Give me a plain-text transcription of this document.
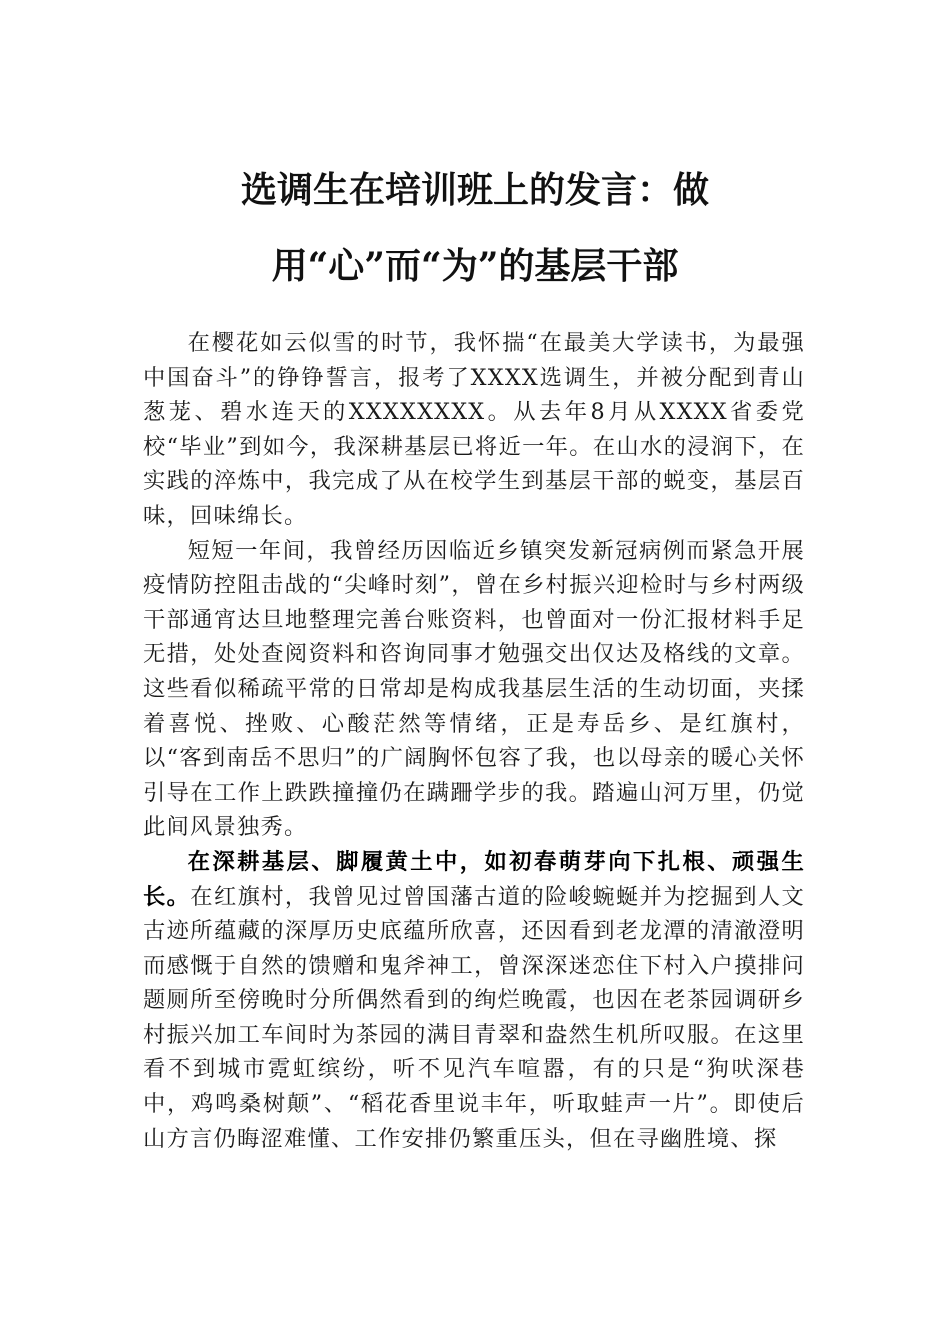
选调生在培训班上的发言：做用“心”而“为”的基层干部

在樱花如云似雪的时节，我怀揣“在最美大学读书，为最强中国奋斗”的铮铮誓言，报考了XXXX选调生，并被分配到青山葱茏、碧水连天的XXXXXXXX。从去年8月从XXXX省委党校“毕业”到如今，我深耕基层已将近一年。在山水的浸润下，在实践的淬炼中，我完成了从在校学生到基层干部的蜕变，基层百味，回味绵长。

短短一年间，我曾经历因临近乡镇突发新冠病例而紧急开展疫情防控阻击战的“尖峰时刻”，曾在乡村振兴迎检时与乡村两级干部通宵达旦地整理完善台账资料，也曾面对一份汇报材料手足无措，处处查阅资料和咨询同事才勉强交出仅达及格线的文章。这些看似稀疏平常的日常却是构成我基层生活的生动切面，夹揉着喜悦、挫败、心酸茫然等情绪，正是寿岳乡、是红旗村，以“客到南岳不思归”的广阔胸怀包容了我，也以母亲的暖心关怀引导在工作上跌跌撞撞仍在蹒跚学步的我。踏遍山河万里，仍觉此间风景独秀。

在深耕基层、脚履黄土中，如初春萌芽向下扎根、顽强生长。在红旗村，我曾见过曾国藩古道的险峻蜿蜒并为挖掘到人文古迹所蕴藏的深厚历史底蕴所欣喜，还因看到老龙潭的清澈澄明而感慨于自然的馈赠和鬼斧神工，曾深深迷恋住下村入户摸排问题厕所至傍晚时分所偶然看到的绚烂晚霞，也因在老茶园调研乡村振兴加工车间时为茶园的满目青翠和盎然生机所叹服。在这里看不到城市霓虹缤纷，听不见汽车喧嚣，有的只是“狗吠深巷中，鸡鸣桑树颠”、“稻花香里说丰年，听取蛙声一片”。即使后山方言仍晦涩难懂、工作安排仍繁重压头，但在寻幽胜境、探
